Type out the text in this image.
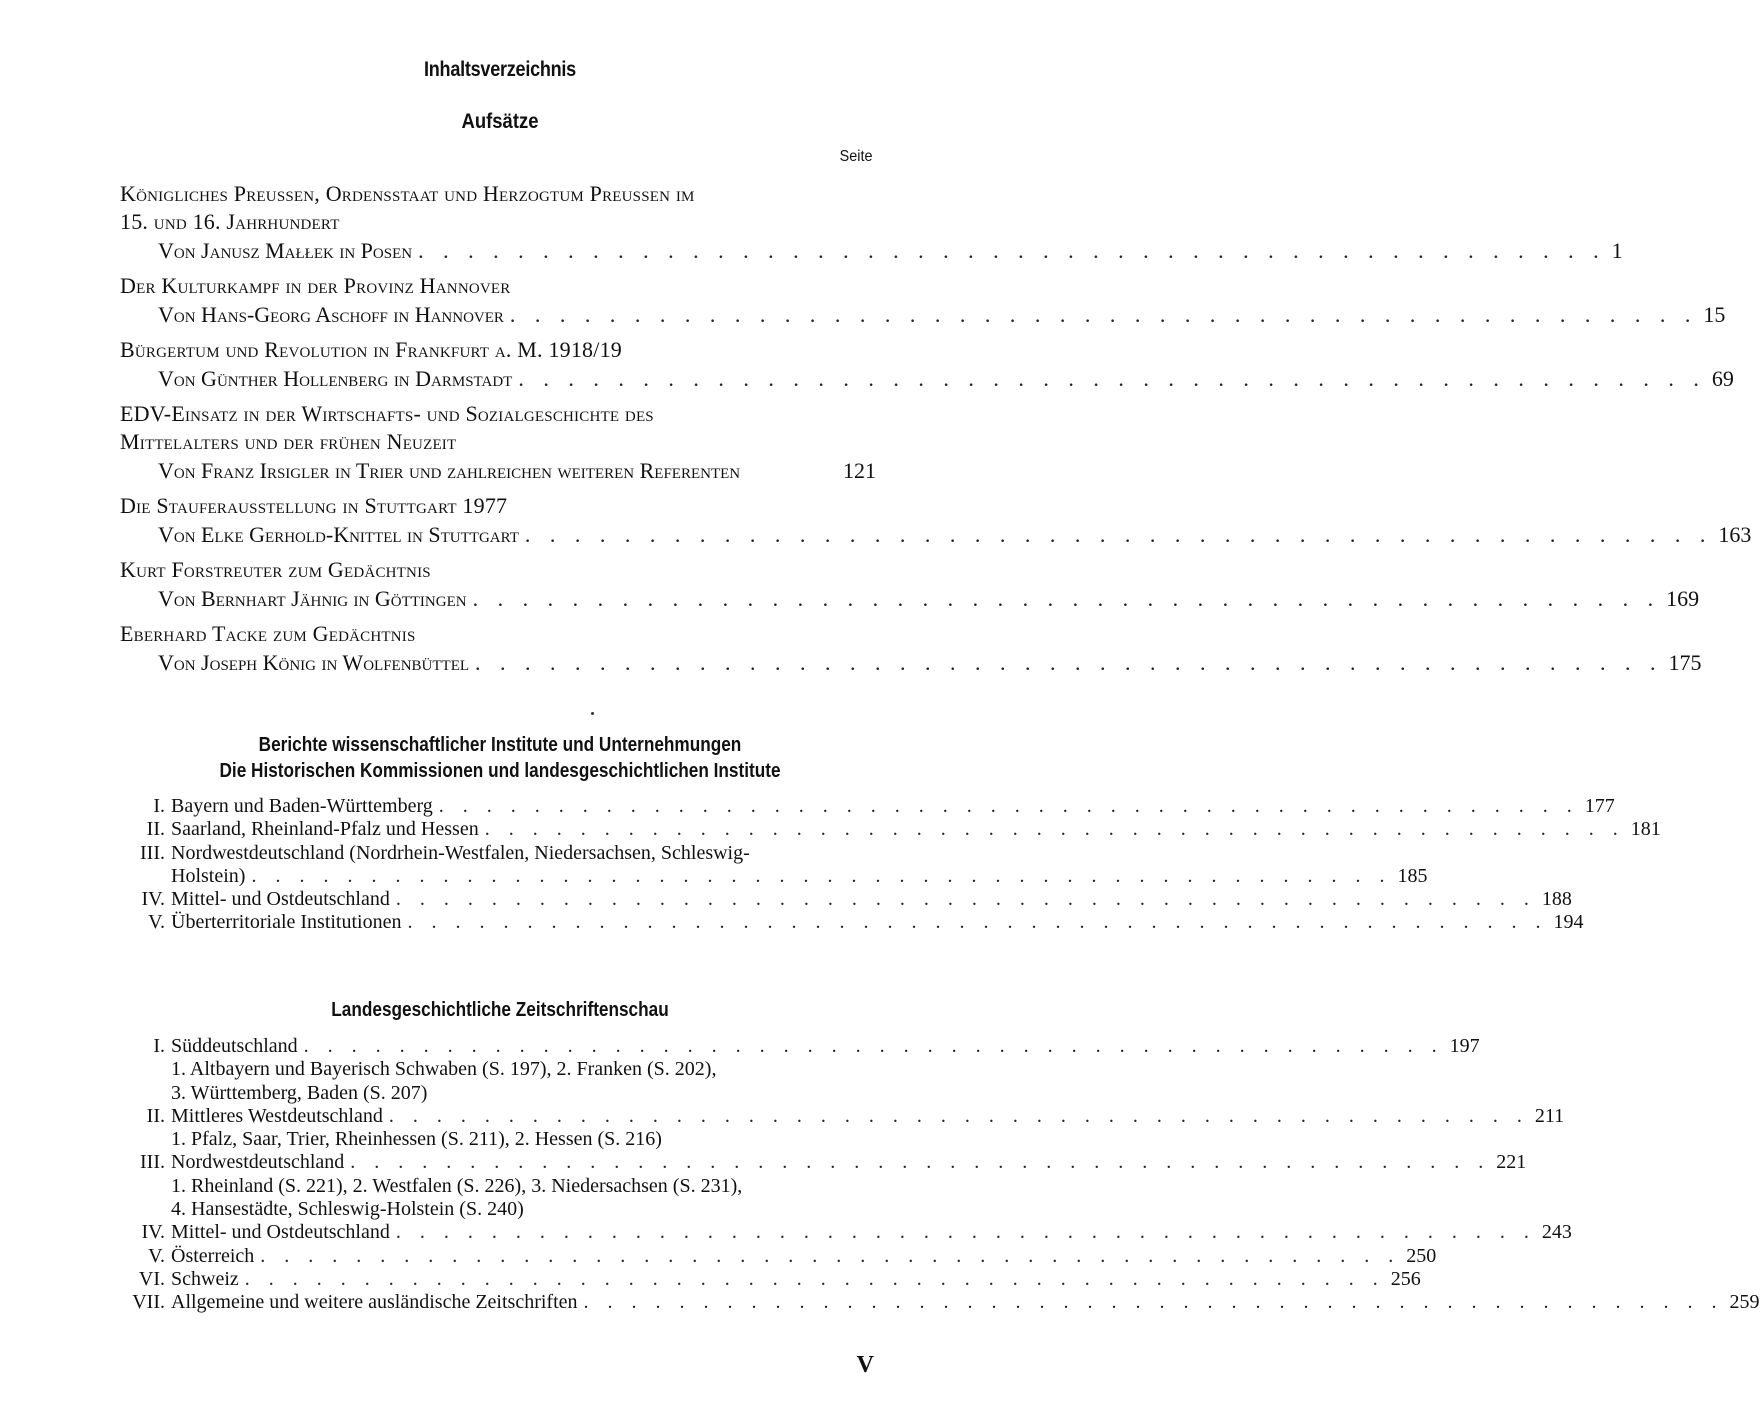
Inhaltsverzeichnis
Aufsätze
Seite
Königliches Preussen, Ordensstaat und Herzogtum Preussen im
15. und 16. Jahrhundert
Von Janusz Małłek in Posen . . . . . . . . . . . . . . . . . . . . . . . . . . . . . . . . . . . . . . . . . . . . . . . . 1
Der Kulturkampf in der Provinz Hannover
Von Hans-Georg Aschoff in Hannover . . . . . . . . . . . . . . . . . . . . . . . . . . . . . . . . . . . . . . . . . . . . . . . . 15
Bürgertum und Revolution in Frankfurt a. M. 1918/19
Von Günther Hollenberg in Darmstadt . . . . . . . . . . . . . . . . . . . . . . . . . . . . . . . . . . . . . . . . . . . . . . . . 69
EDV-Einsatz in der Wirtschafts- und Sozialgeschichte des
Mittelalters und der frühen Neuzeit
Von Franz Irsigler in Trier und zahlreichen weiteren Referenten	121
Die Stauferausstellung in Stuttgart 1977
Von Elke Gerhold-Knittel in Stuttgart . . . . . . . . . . . . . . . . . . . . . . . . . . . . . . . . . . . . . . . . . . . . . . . . 163
Kurt Forstreuter zum Gedächtnis
Von Bernhart Jähnig in Göttingen . . . . . . . . . . . . . . . . . . . . . . . . . . . . . . . . . . . . . . . . . . . . . . . . 169
Eberhard Tacke zum Gedächtnis
Von Joseph König in Wolfenbüttel . . . . . . . . . . . . . . . . . . . . . . . . . . . . . . . . . . . . . . . . . . . . . . . . 175
Berichte wissenschaftlicher Institute und Unternehmungen
Die Historischen Kommissionen und landesgeschichtlichen Institute
I. Bayern und Baden-Württemberg . . . . . . . . . . . . . . . . . . . . . . . . . . . . . . . . . . . . . . . . . . . . . . . . 177
II. Saarland, Rheinland-Pfalz und Hessen . . . . . . . . . . . . . . . . . . . . . . . . . . . . . . . . . . . . . . . . . . . . . . . . 181
III. Nordwestdeutschland (Nordrhein-Westfalen, Niedersachsen, Schleswig-
Holstein) . . . . . . . . . . . . . . . . . . . . . . . . . . . . . . . . . . . . . . . . . . . . . . . . 185
IV. Mittel- und Ostdeutschland . . . . . . . . . . . . . . . . . . . . . . . . . . . . . . . . . . . . . . . . . . . . . . . . 188
V. Überterritoriale Institutionen . . . . . . . . . . . . . . . . . . . . . . . . . . . . . . . . . . . . . . . . . . . . . . . . 194
Landesgeschichtliche Zeitschriftenschau
I. Süddeutschland . . . . . . . . . . . . . . . . . . . . . . . . . . . . . . . . . . . . . . . . . . . . . . . . 197
1. Altbayern und Bayerisch Schwaben (S. 197), 2. Franken (S. 202),
3. Württemberg, Baden (S. 207)
II. Mittleres Westdeutschland . . . . . . . . . . . . . . . . . . . . . . . . . . . . . . . . . . . . . . . . . . . . . . . . 211
1. Pfalz, Saar, Trier, Rheinhessen (S. 211), 2. Hessen (S. 216)
III. Nordwestdeutschland . . . . . . . . . . . . . . . . . . . . . . . . . . . . . . . . . . . . . . . . . . . . . . . . 221
1. Rheinland (S. 221), 2. Westfalen (S. 226), 3. Niedersachsen (S. 231),
4. Hansestädte, Schleswig-Holstein (S. 240)
IV. Mittel- und Ostdeutschland . . . . . . . . . . . . . . . . . . . . . . . . . . . . . . . . . . . . . . . . . . . . . . . . 243
V. Österreich . . . . . . . . . . . . . . . . . . . . . . . . . . . . . . . . . . . . . . . . . . . . . . . . 250
VI. Schweiz . . . . . . . . . . . . . . . . . . . . . . . . . . . . . . . . . . . . . . . . . . . . . . . . 256
VII. Allgemeine und weitere ausländische Zeitschriften . . . . . . . . . . . . . . . . . . . . . . . . . . . . . . . . . . . . . . . . . . . . . . . . 259
V
